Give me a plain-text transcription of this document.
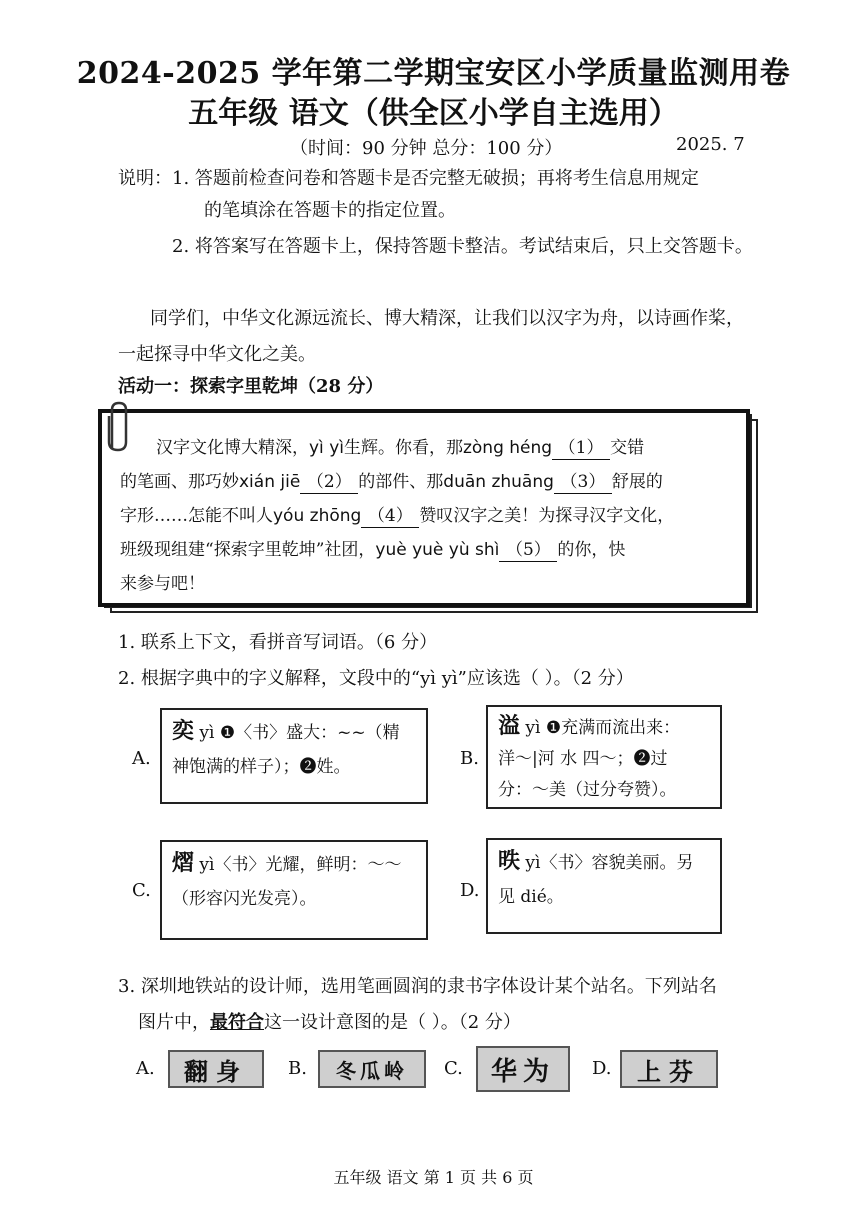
2024-2025 学年第二学期宝安区小学质量监测用卷
五年级 语文（供全区小学自主选用）
（时间：90 分钟 总分：100 分）	2025. 7
说明： 1. 答题前检查问卷和答题卡是否完整无破损；再将考生信息用规定
的笔填涂在答题卡的指定位置。
2. 将答案写在答题卡上，保持答题卡整洁。考试结束后，只上交答题卡。
同学们，中华文化源远流长、博大精深，让我们以汉字为舟，以诗画作桨，
一起探寻中华文化之美。
活动一：探索字里乾坤（28 分）
汉字文化博大精深，yì yì生辉。你看，那zòng héng （1） 交错
的笔画、那巧妙xián jiē （2） 的部件、那duān zhuāng （3） 舒展的
字形……怎能不叫人yóu zhōng （4） 赞叹汉字之美！为探寻汉字文化，
班级现组建“探索字里乾坤”社团，yuè yuè yù shì （5） 的你，快
来参与吧！
1. 联系上下文，看拼音写词语。（6 分）
2. 根据字典中的字义解释，文段中的“yì yì”应该选（ ）。（2 分）
A.
奕 yì ❶〈书〉盛大：~~（精
神饱满的样子）；❷姓。	B.
溢 yì ❶充满而流出来：
洋～|河 水 四～；❷过
分：～美（过分夸赞）。
C.
熠 yì〈书〉光耀，鲜明：～～
（形容闪光发亮）。	D.
昳 yì〈书〉容貌美丽。另
见 dié。
3. 深圳地铁站的设计师，选用笔画圆润的隶书字体设计某个站名。下列站名
图片中，最符合这一设计意图的是（ ）。（2 分）
A.	翻身	B.	冬瓜岭	C.	华为	D.	上芬
五年级 语文 第 1 页 共 6 页
